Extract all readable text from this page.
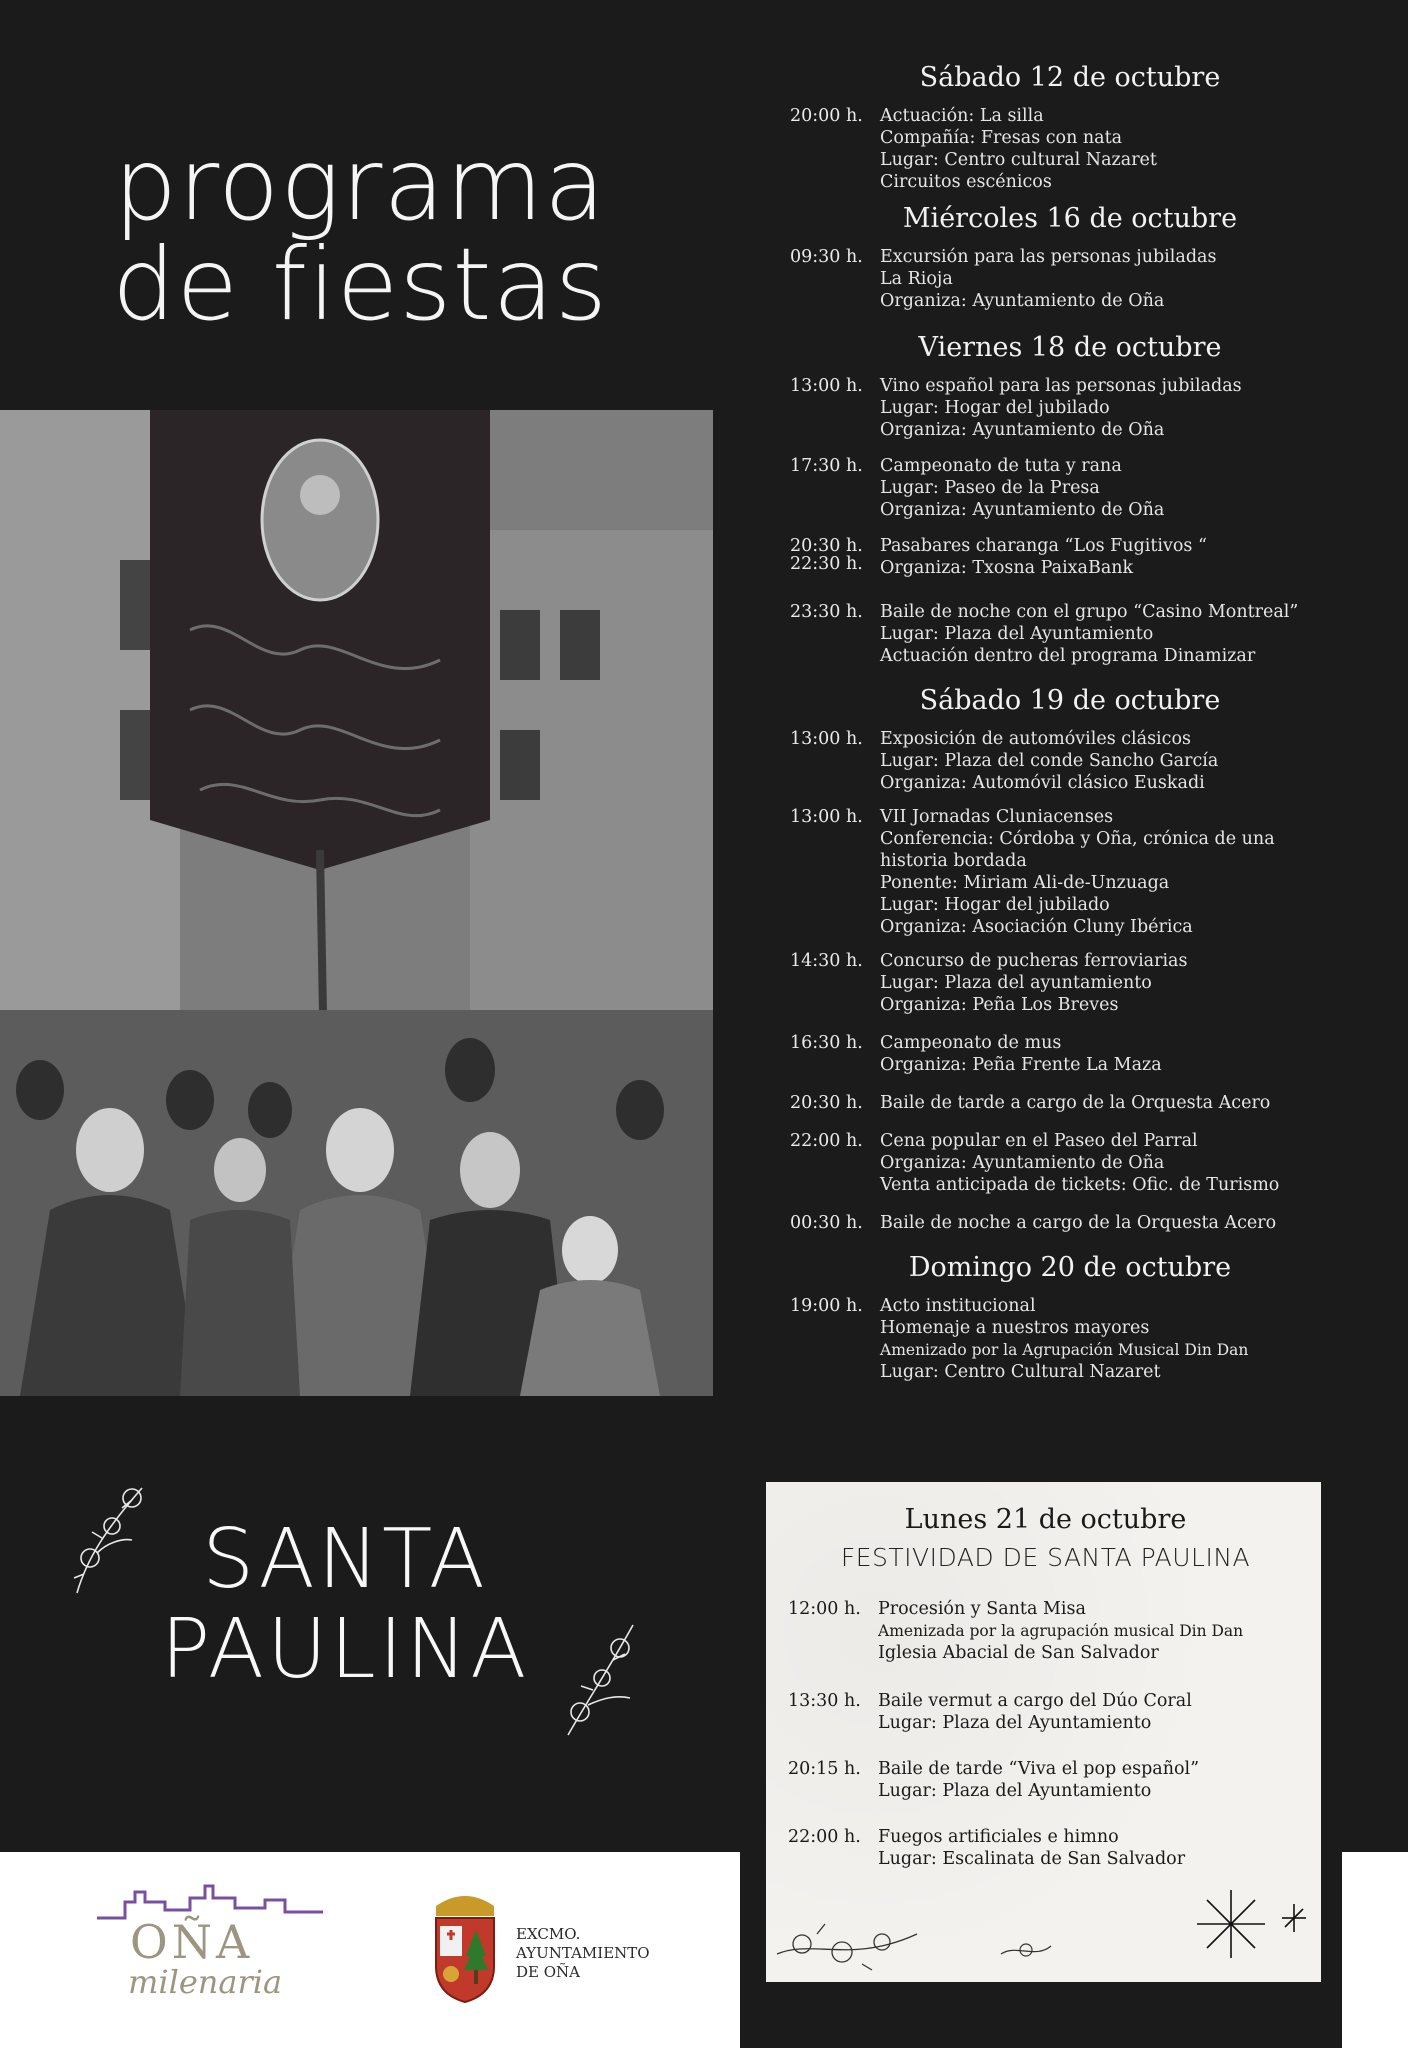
programa
de fiestas
SANTA
PAULINA
Sábado 12 de octubre
20:00 h. Actuación: La silla
Compañía: Fresas con nata
Lugar: Centro cultural Nazaret
Circuitos escénicos
Miércoles 16 de octubre
09:30 h. Excursión para las personas jubiladas
La Rioja
Organiza: Ayuntamiento de Oña
Viernes 18 de octubre
13:00 h. Vino español para las personas jubiladas
Lugar: Hogar del jubilado
Organiza: Ayuntamiento de Oña
17:30 h. Campeonato de tuta y rana
Lugar: Paseo de la Presa
Organiza: Ayuntamiento de Oña
20:30 h.
22:30 h.
Pasabares charanga “Los Fugitivos “
Organiza: Txosna PaixaBank
23:30 h. Baile de noche con el grupo “Casino Montreal”
Lugar: Plaza del Ayuntamiento
Actuación dentro del programa Dinamizar
Sábado 19 de octubre
13:00 h. Exposición de automóviles clásicos
Lugar: Plaza del conde Sancho García
Organiza: Automóvil clásico Euskadi
13:00 h. VII Jornadas Cluniacenses
Conferencia: Córdoba y Oña, crónica de una
historia bordada
Ponente: Miriam Ali-de-Unzuaga
Lugar: Hogar del jubilado
Organiza: Asociación Cluny Ibérica
14:30 h. Concurso de pucheras ferroviarias
Lugar: Plaza del ayuntamiento
Organiza: Peña Los Breves
16:30 h. Campeonato de mus
Organiza: Peña Frente La Maza
20:30 h. Baile de tarde a cargo de la Orquesta Acero
22:00 h. Cena popular en el Paseo del Parral
Organiza: Ayuntamiento de Oña
Venta anticipada de tickets: Ofic. de Turismo
00:30 h. Baile de noche a cargo de la Orquesta Acero
Domingo 20 de octubre
19:00 h. Acto institucional
Homenaje a nuestros mayores
Amenizado por la Agrupación Musical Din Dan
Lugar: Centro Cultural Nazaret
Lunes 21 de octubre
FESTIVIDAD DE SANTA PAULINA
12:00 h. Procesión y Santa Misa
Amenizada por la agrupación musical Din Dan
Iglesia Abacial de San Salvador
13:30 h. Baile vermut a cargo del Dúo Coral
Lugar: Plaza del Ayuntamiento
20:15 h. Baile de tarde “Viva el pop español”
Lugar: Plaza del Ayuntamiento
22:00 h. Fuegos artificiales e himno
Lugar: Escalinata de San Salvador
OÑA
milenaria
EXCMO.
AYUNTAMIENTO
DE OÑA
